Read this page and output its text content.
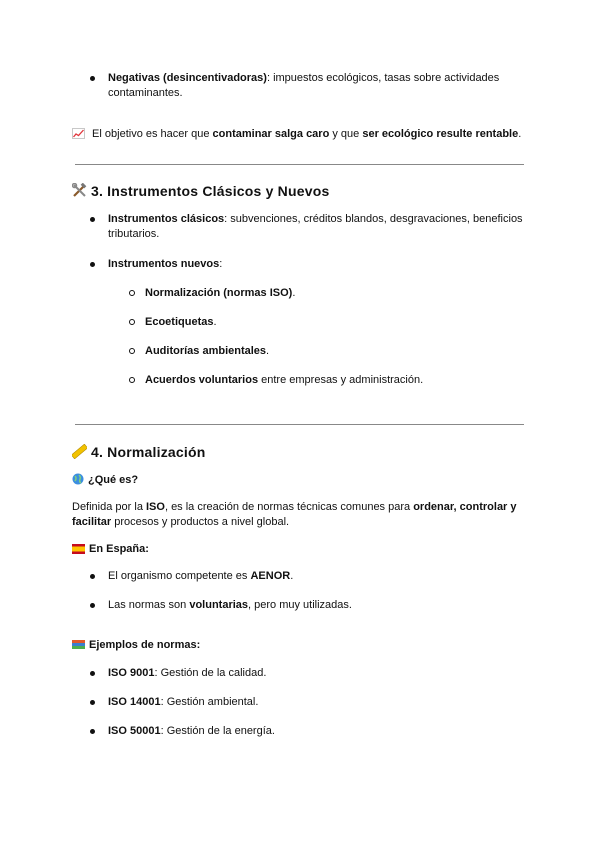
Negativas (desincentivadoras): impuestos ecológicos, tasas sobre actividades
contaminantes.
El objetivo es hacer que contaminar salga caro y que ser ecológico resulte rentable.
3. Instrumentos Clásicos y Nuevos
Instrumentos clásicos: subvenciones, créditos blandos, desgravaciones, beneficios
tributarios.
Instrumentos nuevos:
Normalización (normas ISO).
Ecoetiquetas.
Auditorías ambientales.
Acuerdos voluntarios entre empresas y administración.
4. Normalización
¿Qué es?
Definida por la ISO, es la creación de normas técnicas comunes para ordenar, controlar y
facilitar procesos y productos a nivel global.
En España:
El organismo competente es AENOR.
Las normas son voluntarias, pero muy utilizadas.
Ejemplos de normas:
ISO 9001: Gestión de la calidad.
ISO 14001: Gestión ambiental.
ISO 50001: Gestión de la energía.
